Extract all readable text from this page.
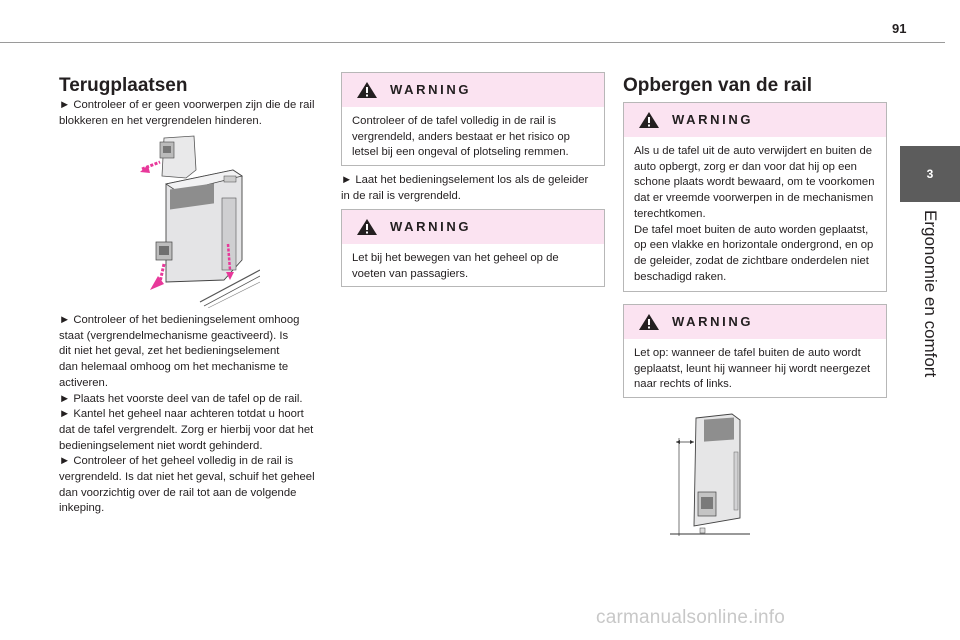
91
3
Ergonomie en comfort
Terugplaatsen

► Controleer of er geen voorwerpen zijn die de rail

blokkeren en het vergrendelen hinderen.

► Controleer of het bedieningselement omhoog

staat (vergrendelmechanisme geactiveerd). Is

dit niet het geval, zet het bedieningselement

dan helemaal omhoog om het mechanisme te

activeren.

► Plaats het voorste deel van de tafel op de rail.

► Kantel het geheel naar achteren totdat u hoort

dat de tafel vergrendelt. Zorg er hierbij voor dat het

bedieningselement niet wordt gehinderd.

► Controleer of het geheel volledig in de rail is

vergrendeld. Is dat niet het geval, schuif het geheel

dan voorzichtig over de rail tot aan de volgende

inkeping.

WARNING
Controleer of de tafel volledig in de rail is
vergrendeld, anders bestaat er het risico op
letsel bij een ongeval of plotseling remmen.

► Laat het bedieningselement los als de geleider

in de rail is vergrendeld.

WARNING
Let bij het bewegen van het geheel op de
voeten van passagiers.
Opbergen van de rail
WARNING
Als u de tafel uit de auto verwijdert en buiten de
auto opbergt, zorg er dan voor dat hij op een
schone plaats wordt bewaard, om te voorkomen
dat er vreemde voorwerpen in de mechanismen
terechtkomen.
De tafel moet buiten de auto worden geplaatst,
op een vlakke en horizontale ondergrond, en op
de geleider, zodat de zichtbare onderdelen niet
beschadigd raken.
WARNING
Let op: wanneer de tafel buiten de auto wordt
geplaatst, leunt hij wanneer hij wordt neergezet
naar rechts of links.
carmanualsonline.info
